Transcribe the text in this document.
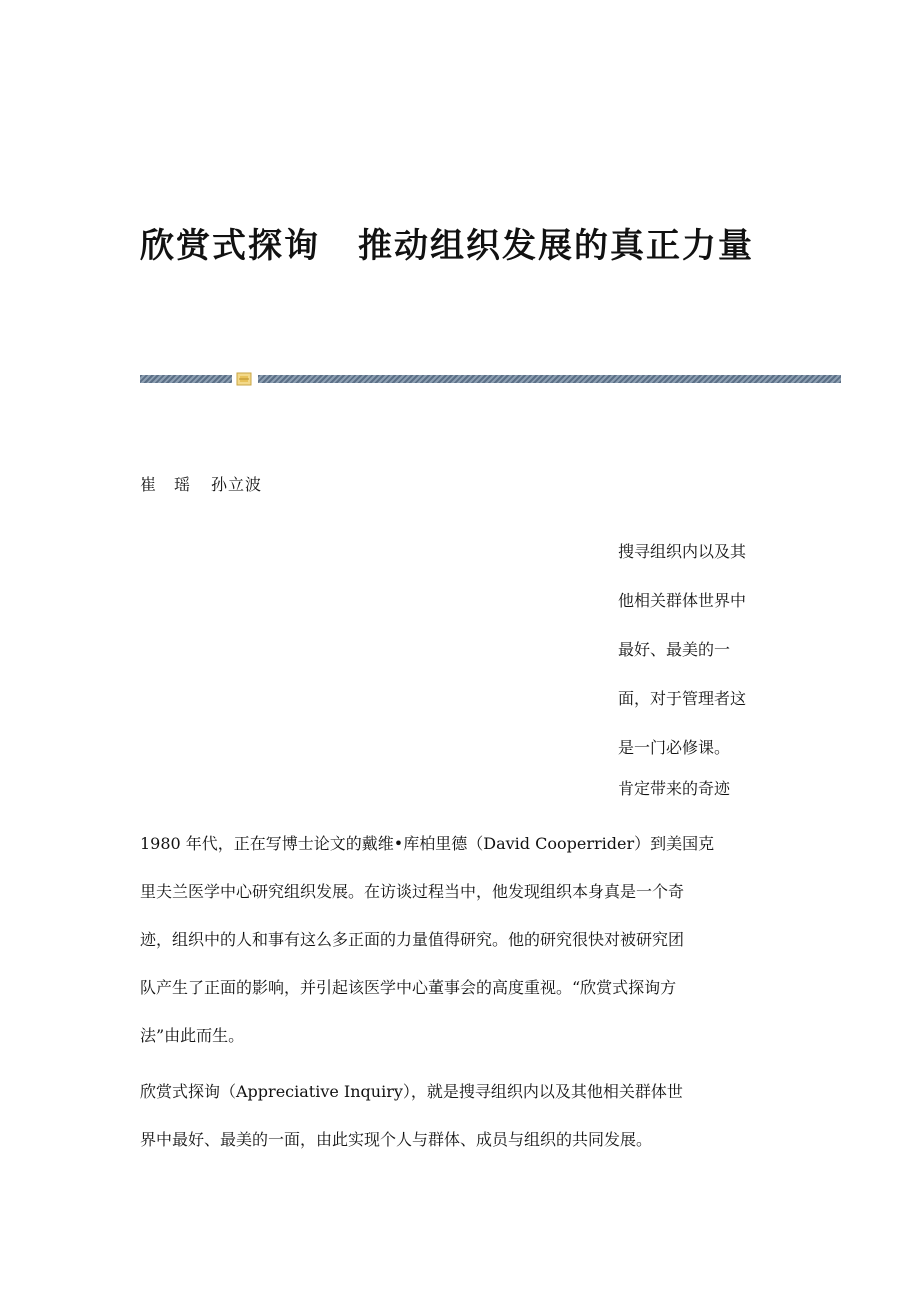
欣赏式探询 推动组织发展的真正力量
崔　瑶 孙立波
搜寻组织内以及其
他相关群体世界中
最好、最美的一
面，对于管理者这
是一门必修课。
肯定带来的奇迹

1980 年代，正在写博士论文的戴维•库柏里德（David Cooperrider）到美国克
里夫兰医学中心研究组织发展。在访谈过程当中，他发现组织本身真是一个奇
迹，组织中的人和事有这么多正面的力量值得研究。他的研究很快对被研究团
队产生了正面的影响，并引起该医学中心董事会的高度重视。“欣赏式探询方
法”由此而生。

欣赏式探询（Appreciative Inquiry），就是搜寻组织内以及其他相关群体世
界中最好、最美的一面，由此实现个人与群体、成员与组织的共同发展。
